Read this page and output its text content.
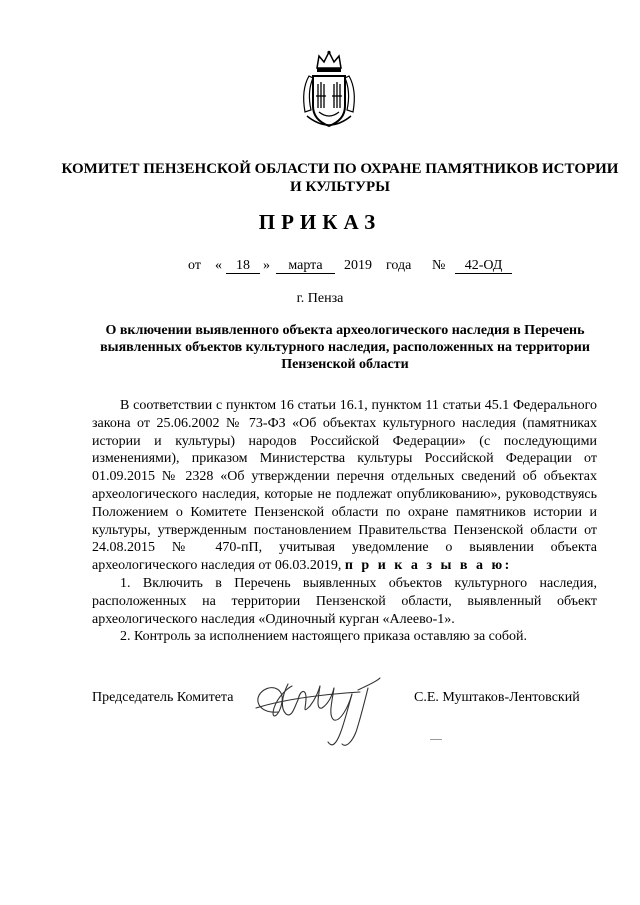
КОМИТЕТ ПЕНЗЕНСКОЙ ОБЛАСТИ ПО ОХРАНЕ ПАМЯТНИКОВ ИСТОРИИ И КУЛЬТУРЫ
ПРИКАЗ
от «	18 »	марта	2019 года №	42-ОД
г. Пенза
О включении выявленного объекта археологического наследия в Перечень выявленных объектов культурного наследия, расположенных на территории Пензенской области

В соответствии с пунктом 16 статьи 16.1, пунктом 11 статьи 45.1 Федерального закона от 25.06.2002 № 73-ФЗ «Об объектах культурного наследия (памятниках истории и культуры) народов Российской Федерации» (с последующими изменениями), приказом Министерства культуры Российской Федерации от 01.09.2015 № 2328 «Об утверждении перечня отдельных сведений об объектах археологического наследия, которые не подлежат опубликованию», руководствуясь Положением о Комитете Пензенской области по охране памятников истории и культуры, утвержденным постановлением Правительства Пензенской области от 24.08.2015 № 470-пП, учитывая уведомление о выявлении объекта археологического наследия от 06.03.2019, п р и к а з ы в а ю:

1. Включить в Перечень выявленных объектов культурного наследия, расположенных на территории Пензенской области, выявленный объект археологического наследия «Одиночный курган «Алеево-1».

2. Контроль за исполнением настоящего приказа оставляю за собой.

Председатель Комитета	С.Е. Муштаков-Лентовский
